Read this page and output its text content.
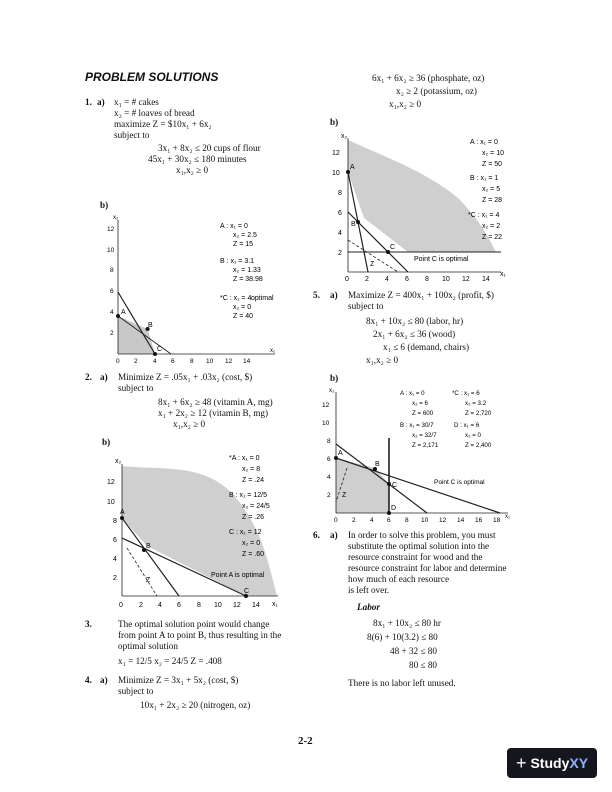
PROBLEM SOLUTIONS
1. a) x₁ = # cakes
x₂ = # loaves of bread
maximize Z = $10x₁ + 6x₂
subject to
3x₁ + 8x₂ ≤ 20 cups of flour
45x₁ + 30x₂ ≤ 180 minutes
x₁,x₂ ≥ 0
b)
A
B
C
2
4
6
8
10
12
0 2 4 6 8 10 12 14
x₂
x₁
A : x₁ = 0
x₂ = 2.5
Z = 15
B : x₁ = 3.1
x₂ = 1.33
Z = 38.98
*C : x₁ = 4 optimal
x₂ = 0
Z = 40
2. a) Minimize Z = .05x₁ + .03x₂ (cost, $)
subject to
8x₁ + 6x₂ ≥ 48 (vitamin A, mg)
x₁ + 2x₂ ≥ 12 (vitamin B, mg)
x₁,x₂ ≥ 0
b)
A
B
C
Z
Point A is optimal
2
4
6
8
10
12
0 2 4 6 8 10 12 14
x₂
x₁
*A : x₁ = 0
x₂ = 8
Z = .24
B : x₁ = 12/5
x₂ = 24/5
Z = .26
C : x₁ = 12
x₂ = 0
Z = .60
3.	The optimal solution point would change
from point A to point B, thus resulting in the
optimal solution
x₁ = 12/5 x₂ = 24/5 Z = .408
4. a) Minimize Z = 3x₁ + 5x₂ (cost, $)
subject to
10x₁ + 2x₂ ≥ 20 (nitrogen, oz)
6x₁ + 6x₂ ≥ 36 (phosphate, oz)
x₂ ≥ 2 (potassium, oz)
x₁,x₂ ≥ 0
b)
A
B
C
Z
Point C is optimal
2
4
6
8
10
12
0 2 4 6 8 10 12 14
x₂
x₁
A : x₁ = 0
x₂ = 10
Z = 50
B : x₁ = 1
x₂ = 5
Z = 28
*C : x₁ = 4
x₂ = 2
Z = 22
5. a) Maximize Z = 400x₁ + 100x₂ (profit, $)
subject to
8x₁ + 10x₂ ≤ 80 (labor, hr)
2x₁ + 6x₂ ≤ 36 (wood)
x₁ ≤ 6 (demand, chairs)
x₁,x₂ ≥ 0
b)
A
B
C
D
Z
Point C is optimal
2
4
6
8
10
12
0 2 4 6 8 10 12 14 16 18
x₂
x₁
A : x₁ = 0
x₂ = 6
Z = 600
B : x₁ = 30/7
x₂ = 32/7
Z = 2,171
*C : x₁ = 6
x₂ = 3.2
Z = 2,720
D : x₁ = 6
x₂ = 0
Z = 2,400
6. a) In order to solve this problem, you must
substitute the optimal solution into the
resource constraint for wood and the
resource constraint for labor and determine
how much of each resource
is left over.
Labor
8x₁ + 10x₂ ≤ 80 hr
8(6) + 10(3.2) ≤ 80
48 + 32 ≤ 80
80 ≤ 80
There is no labor left unused.
2-2
+ Study XY
